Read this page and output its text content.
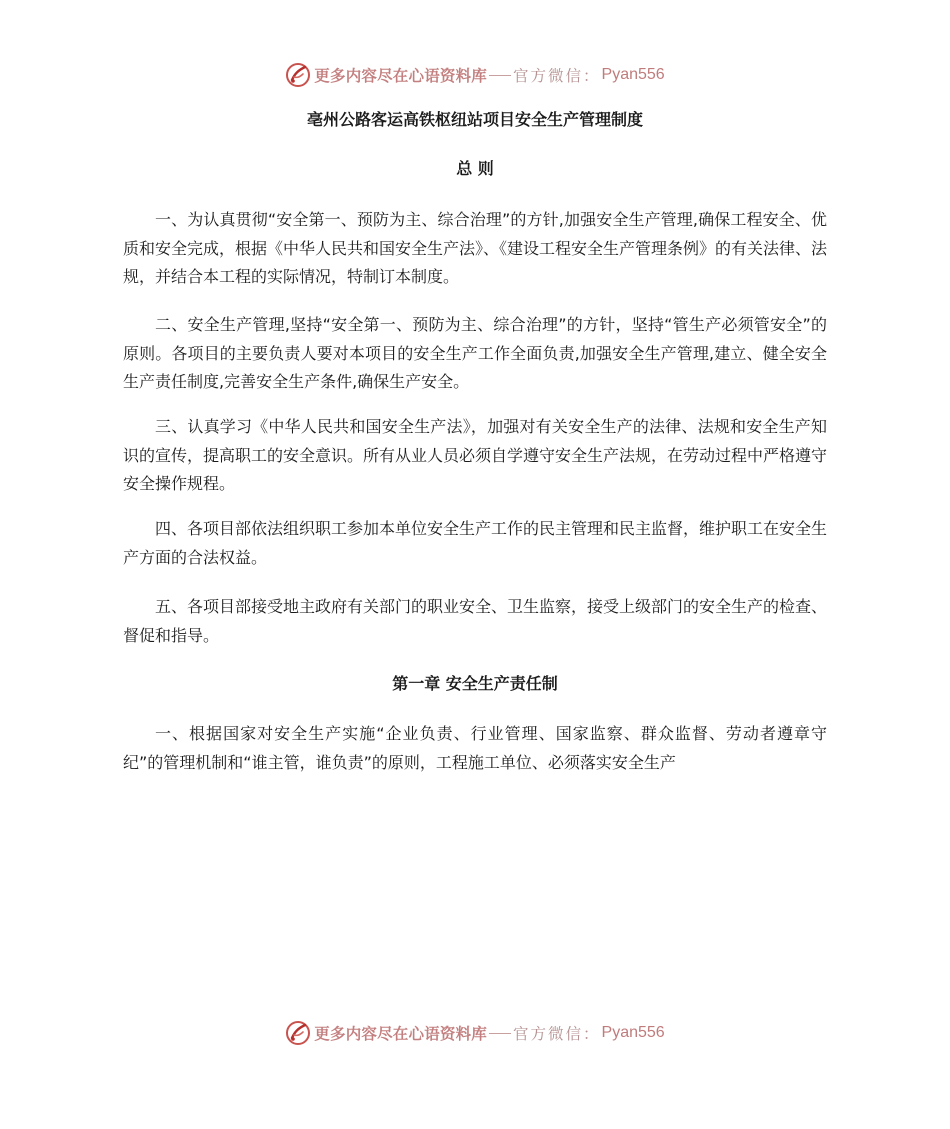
更多内容尽在心语资料库 官方微信： Pyan556
亳州公路客运高铁枢纽站项目安全生产管理制度
总 则

一、为认真贯彻“安全第一、预防为主、综合治理”的方针,加强安全生产管理,确保工程安全、优质和安全完成，根据《中华人民共和国安全生产法》、《建设工程安全生产管理条例》的有关法律、法规，并结合本工程的实际情况，特制订本制度。

二、安全生产管理,坚持“安全第一、预防为主、综合治理”的方针，坚持“管生产必须管安全”的原则。各项目的主要负责人要对本项目的安全生产工作全面负责,加强安全生产管理,建立、健全安全生产责任制度,完善安全生产条件,确保生产安全。

三、认真学习《中华人民共和国安全生产法》，加强对有关安全生产的法律、法规和安全生产知识的宣传，提高职工的安全意识。所有从业人员必须自学遵守安全生产法规，在劳动过程中严格遵守安全操作规程。

四、各项目部依法组织职工参加本单位安全生产工作的民主管理和民主监督，维护职工在安全生产方面的合法权益。

五、各项目部接受地主政府有关部门的职业安全、卫生监察，接受上级部门的安全生产的检查、督促和指导。

第一章 安全生产责任制

一、根据国家对安全生产实施“企业负责、行业管理、国家监察、群众监督、劳动者遵章守纪”的管理机制和“谁主管，谁负责”的原则，工程施工单位、必须落实安全生产

更多内容尽在心语资料库 官方微信： Pyan556
